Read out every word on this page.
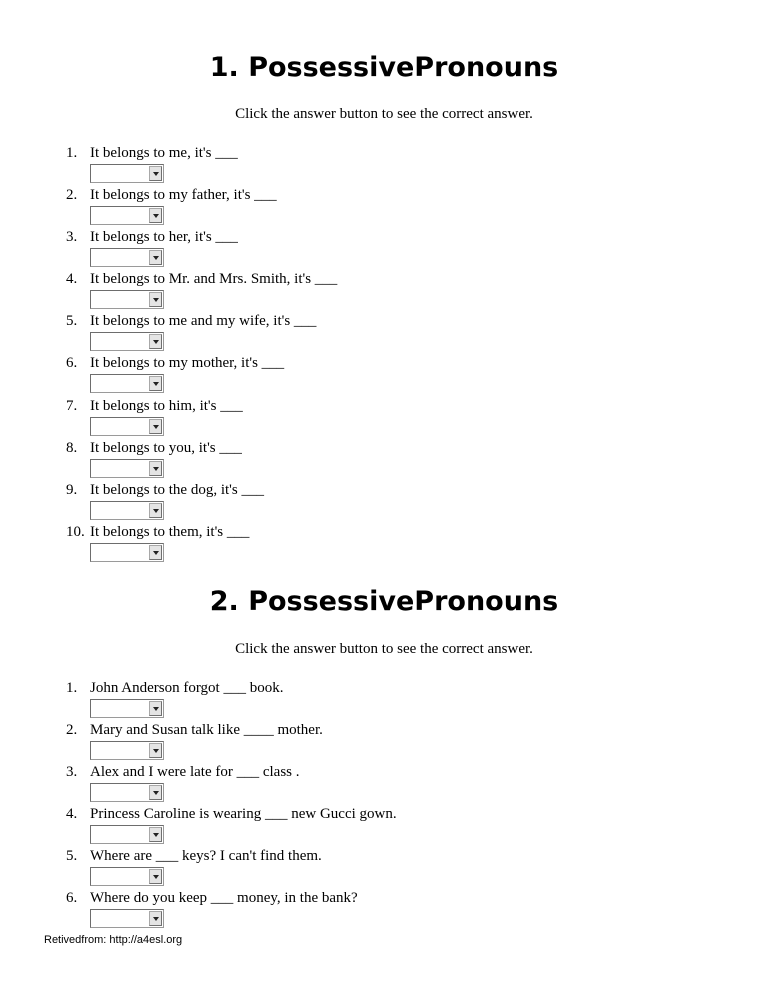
1. PossessivePronouns

Click the answer button to see the correct answer.

1. It belongs to me, it's ___
2. It belongs to my father, it's ___
3. It belongs to her, it's ___
4. It belongs to Mr. and Mrs. Smith, it's ___
5. It belongs to me and my wife, it's ___
6. It belongs to my mother, it's ___
7. It belongs to him, it's ___
8. It belongs to you, it's ___
9. It belongs to the dog, it's ___
10. It belongs to them, it's ___
2. PossessivePronouns

Click the answer button to see the correct answer.

1. John Anderson forgot ___ book.
2. Mary and Susan talk like ____ mother.
3. Alex and I were late for ___ class .
4. Princess Caroline is wearing ___ new Gucci gown.
5. Where are ___ keys? I can't find them.
6. Where do you keep ___ money, in the bank?

Retivedfrom: http://a4esl.org
